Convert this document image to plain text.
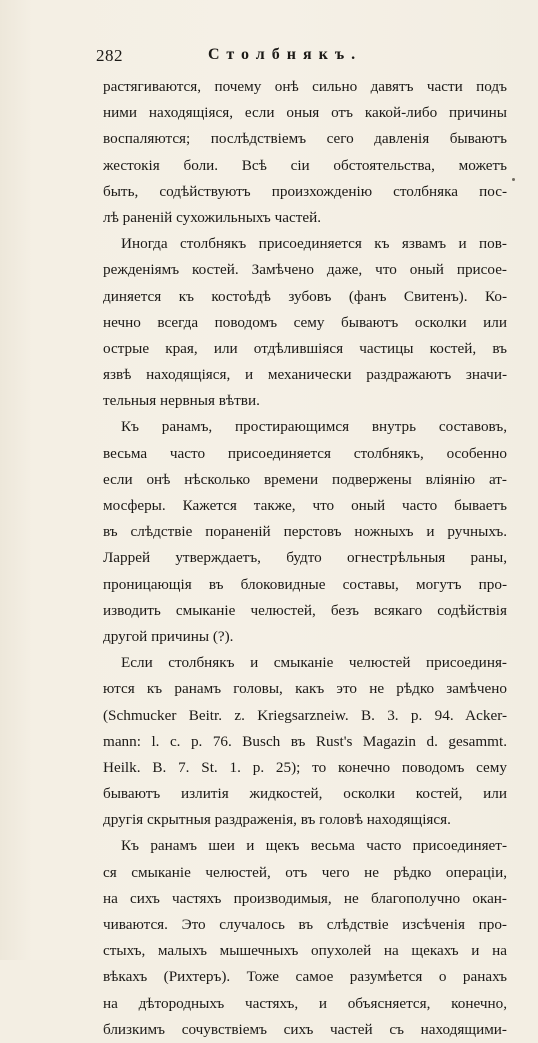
282	Столбнякъ.
растягиваются, почему онѣ сильно давятъ части подъ
ними находящіяся, если оныя отъ какой-либо причины
воспаляются; послѣдствіемъ сего давленія бываютъ
жестокія боли. Всѣ сіи обстоятельства, можетъ
быть, содѣйствуютъ произхожденію столбняка пос-
лѣ раненій сухожильныхъ частей.
Иногда столбнякъ присоединяется къ язвамъ и пов-
режденіямъ костей. Замѣчено даже, что оный присое-
диняется къ костоѣдѣ зубовъ (фанъ Свитенъ). Ко-
нечно всегда поводомъ сему бываютъ осколки или
острые края, или отдѣлившіяся частицы костей, въ
язвѣ находящіяся, и механически раздражаютъ значи-
тельныя нервныя вѣтви.
Къ ранамъ, простирающимся внутрь составовъ,
весьма часто присоединяется столбнякъ, особенно
если онѣ нѣсколько времени подвержены вліянію ат-
мосферы. Кажется также, что оный часто бываетъ
въ слѣдствіе пораненій перстовъ ножныхъ и ручныхъ.
Ларрей утверждаетъ, будто огнестрѣльныя раны,
проницающія въ блоковидные составы, могутъ про-
изводить смыканіе челюстей, безъ всякаго содѣйствія
другой причины (?).
Если столбнякъ и смыканіе челюстей присоединя-
ются къ ранамъ головы, какъ это не рѣдко замѣчено
(Schmucker Beitr. z. Kriegsarzneiw. B. 3. p. 94. Acker-
mann: l. c. p. 76. Busch въ Rust's Magazin d. gesammt.
Heilk. B. 7. St. 1. p. 25); то конечно поводомъ сему
бываютъ излитія жидкостей, осколки костей, или
другія скрытныя раздраженія, въ головѣ находящіяся.
Къ ранамъ шеи и щекъ весьма часто присоединяет-
ся смыканіе челюстей, отъ чего не рѣдко операціи,
на сихъ частяхъ производимыя, не благополучно окан-
чиваются. Это случалось въ слѣдствіе изсѣченія про-
стыхъ, малыхъ мышечныхъ опухолей на щекахъ и на
вѣкахъ (Рихтеръ). Тоже самое разумѣется о ранахъ
на дѣтородныхъ частяхъ, и объясняется, конечно,
близкимъ сочувствіемъ сихъ частей съ находящими-
